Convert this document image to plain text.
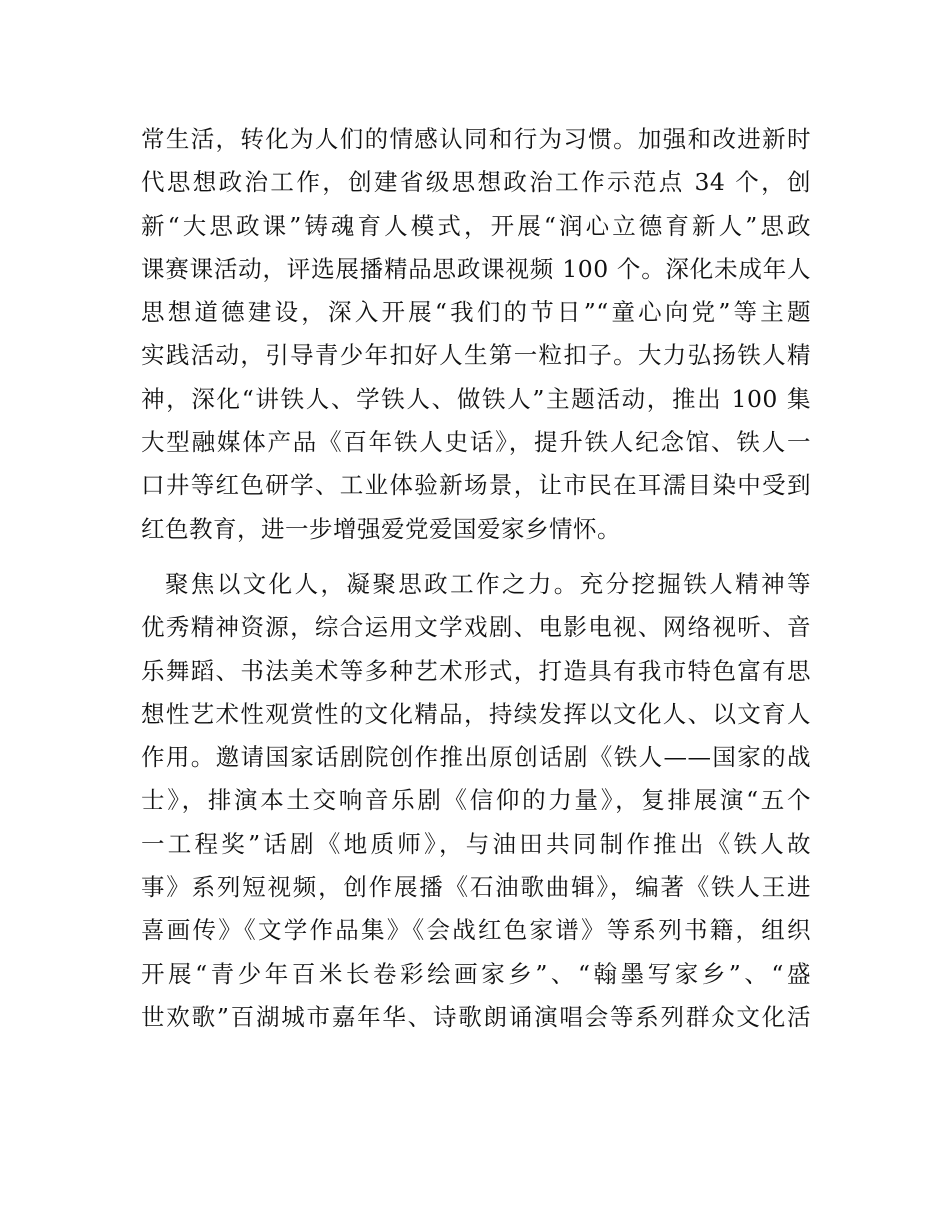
常生活，转化为人们的情感认同和行为习惯。加强和改进新时
代思想政治工作，创建省级思想政治工作示范点 34 个，创
新“大思政课”铸魂育人模式，开展“润心立德育新人”思政
课赛课活动，评选展播精品思政课视频 100 个。深化未成年人
思想道德建设，深入开展“我们的节日”“童心向党”等主题
实践活动，引导青少年扣好人生第一粒扣子。大力弘扬铁人精
神，深化“讲铁人、学铁人、做铁人”主题活动，推出 100 集
大型融媒体产品《百年铁人史话》，提升铁人纪念馆、铁人一
口井等红色研学、工业体验新场景，让市民在耳濡目染中受到
红色教育，进一步增强爱党爱国爱家乡情怀。
聚焦以文化人，凝聚思政工作之力。充分挖掘铁人精神等
优秀精神资源，综合运用文学戏剧、电影电视、网络视听、音
乐舞蹈、书法美术等多种艺术形式，打造具有我市特色富有思
想性艺术性观赏性的文化精品，持续发挥以文化人、以文育人
作用。邀请国家话剧院创作推出原创话剧《铁人——国家的战
士》，排演本土交响音乐剧《信仰的力量》，复排展演“五个
一工程奖”话剧《地质师》，与油田共同制作推出《铁人故
事》系列短视频，创作展播《石油歌曲辑》，编著《铁人王进
喜画传》《文学作品集》《会战红色家谱》等系列书籍，组织
开展“青少年百米长卷彩绘画家乡”、“翰墨写家乡”、“盛
世欢歌”百湖城市嘉年华、诗歌朗诵演唱会等系列群众文化活
